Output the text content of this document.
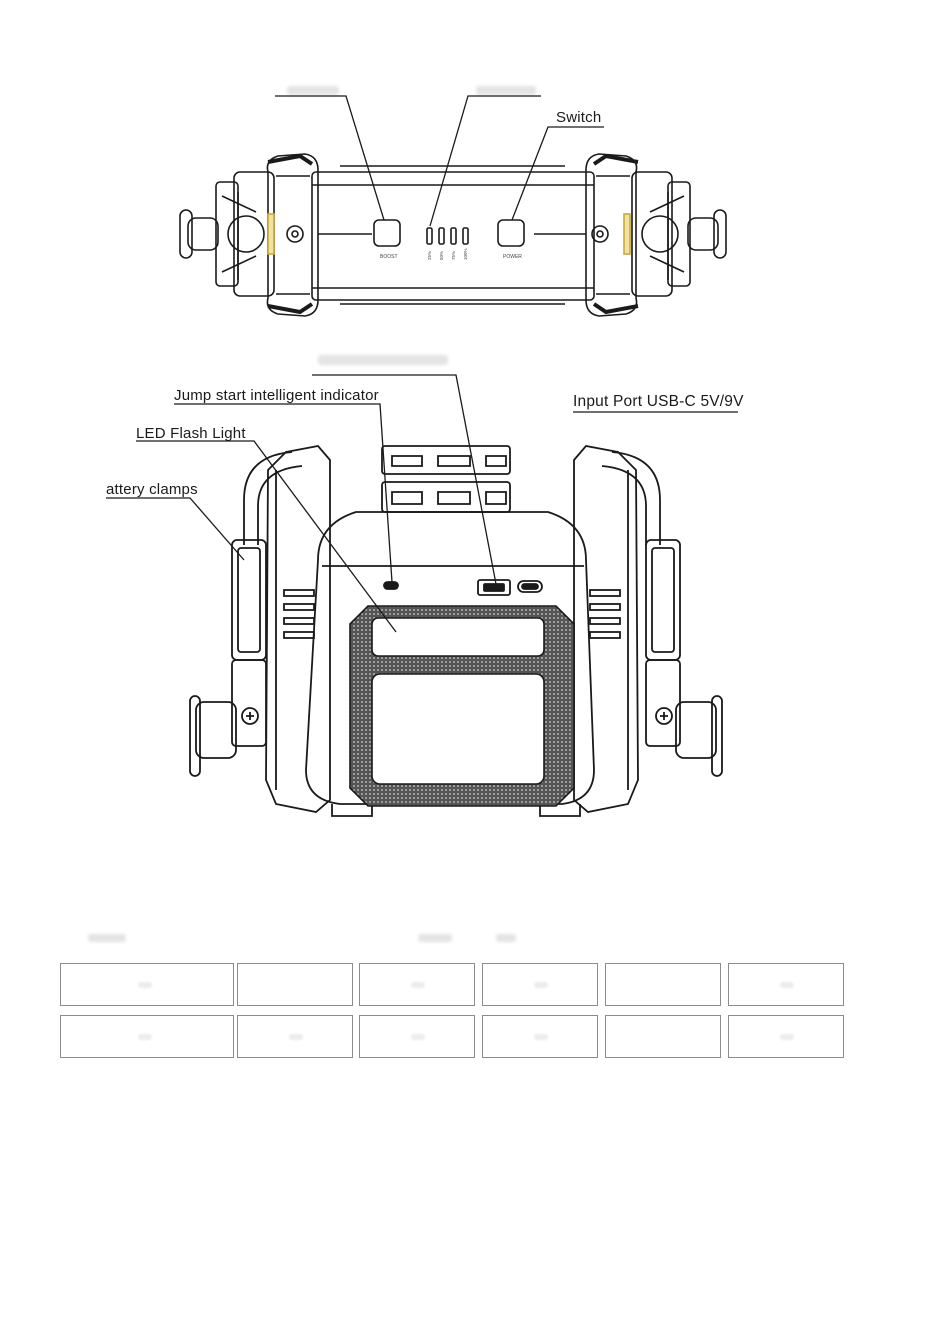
Switch
Jump start intelligent indicator	Input Port USB-C 5V/9V
LED Flash Light
attery clamps
BOOST	POWER
25% 50% 75% 100%
